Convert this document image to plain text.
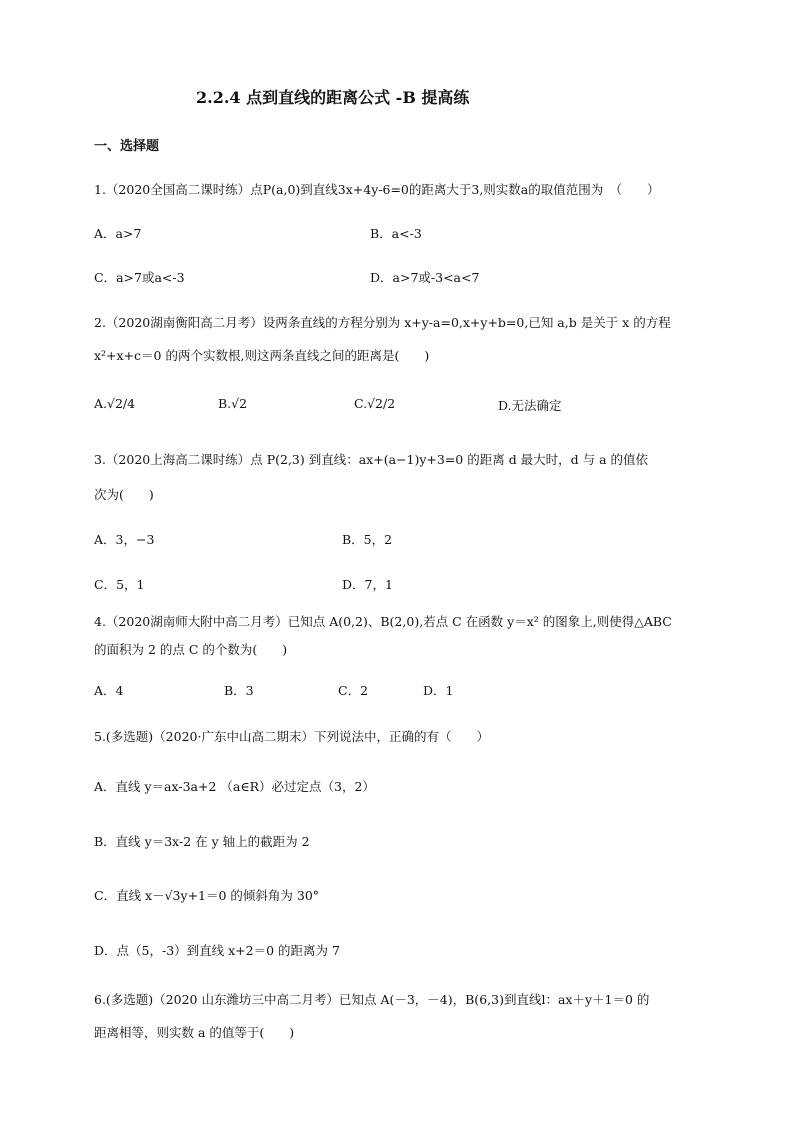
2.2.4 点到直线的距离公式 -B 提高练
一、选择题
1.（2020全国高二课时练）点P(a,0)到直线3x+4y-6=0的距离大于3,则实数a的取值范围为　（　　）
A．a>7	B．a<-3
C．a>7或a<-3	D．a>7或-3<a<7
2.（2020湖南衡阳高二月考）设两条直线的方程分别为 x+y-a=0,x+y+b=0,已知 a,b 是关于 x 的方程
x²+x+c＝0 的两个实数根,则这两条直线之间的距离是(　　)
A.√2/4	B.√2	C.√2/2	D.无法确定
3.（2020上海高二课时练）点 P(2,3) 到直线：ax+(a−1)y+3=0 的距离 d 最大时，d 与 a 的值依
次为(　　)
A．3，−3	B．5，2
C．5，1	D．7，1
4.（2020湖南师大附中高二月考）已知点 A(0,2)、B(2,0),若点 C 在函数 y＝x² 的图象上,则使得△ABC
的面积为 2 的点 C 的个数为(　　)
A．4	B．3	C．2	D．1
5.(多选题)（2020·广东中山高二期末）下列说法中，正确的有（　　）
A．直线 y＝ax-3a+2 （a∈R）必过定点（3，2）
B．直线 y＝3x-2 在 y 轴上的截距为 2
C．直线 x－√3y+1＝0 的倾斜角为 30°
D．点（5，-3）到直线 x+2＝0 的距离为 7
6.(多选题)（2020 山东潍坊三中高二月考）已知点 A(－3，－4)，B(6,3)到直线l：ax＋y＋1＝0 的
距离相等，则实数 a 的值等于(　　)
